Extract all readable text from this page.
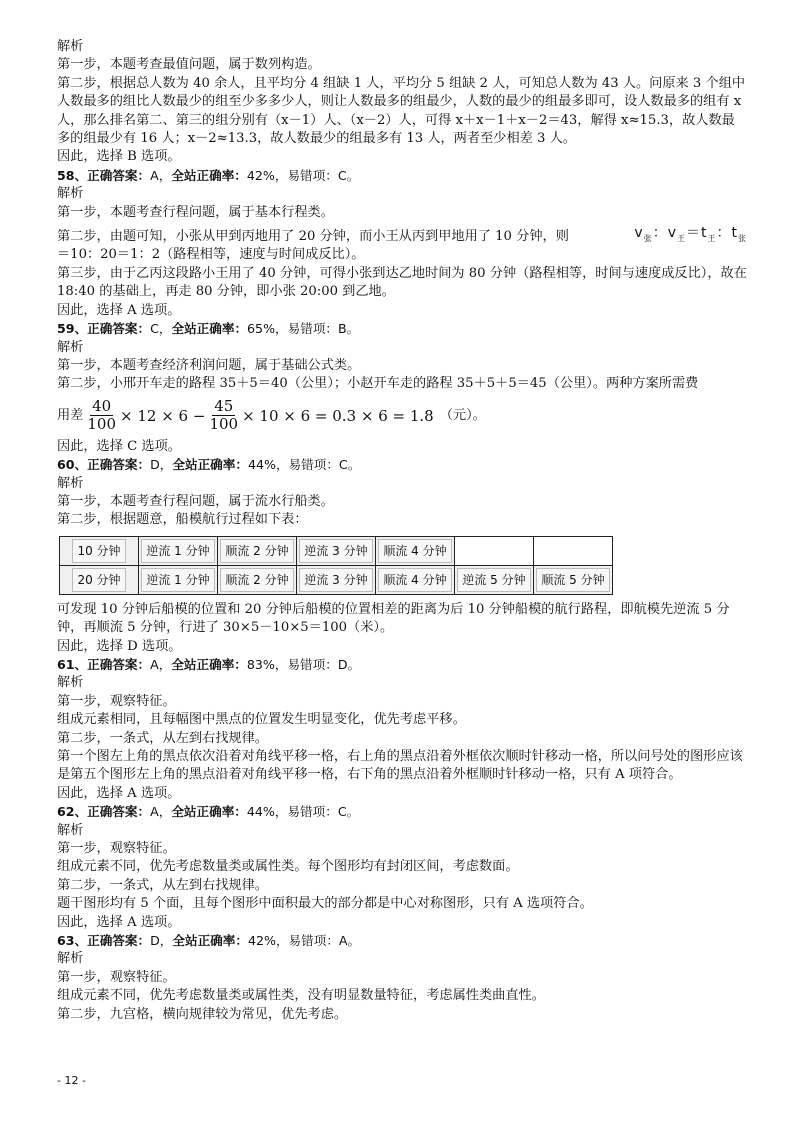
解析

第一步，本题考查最值问题，属于数列构造。

第二步，根据总人数为 40 余人，且平均分 4 组缺 1 人，平均分 5 组缺 2 人，可知总人数为 43 人。问原来 3 个组中人数最多的组比人数最少的组至少多多少人，则让人数最多的组最少，人数的最少的组最多即可，设人数最多的组有 x 人，那么排名第二、第三的组分别有（x－1）人、（x－2）人，可得 x＋x－1＋x－2＝43，解得 x≈15.3，故人数最多的组最少有 16 人；x－2≈13.3，故人数最少的组最多有 13 人，两者至少相差 3 人。

因此，选择 B 选项。

58、正确答案：A，全站正确率：42%，易错项：C。

解析

第一步，本题考查行程问题，属于基本行程类。

第二步，由题可知，小张从甲到丙地用了 20 分钟，而小王从丙到甲地用了 10 分钟，则	$v_张$：$v_王=t_王$：$t_张$

＝10：20＝1：2（路程相等，速度与时间成反比）。

第三步，由于乙丙这段路小王用了 40 分钟，可得小张到达乙地时间为 80 分钟（路程相等，时间与速度成反比），故在 18:40 的基础上，再走 80 分钟，即小张 20:00 到乙地。

因此，选择 A 选项。

59、正确答案：C，全站正确率：65%，易错项：B。

解析

第一步，本题考查经济利润问题，属于基础公式类。

第二步，小邢开车走的路程 35＋5＝40（公里）；小赵开车走的路程 35＋5＋5＝45（公里）。两种方案所需费

用差 $\frac{40}{100} \times 12 \times 6 - \frac{45}{100} \times 10 \times 6 = 0.3 \times 6 = 1.8$ （元）。

因此，选择 C 选项。

60、正确答案：D，全站正确率：44%，易错项：C。

解析

第一步，本题考查行程问题，属于流水行船类。

第二步，根据题意，船模航行过程如下表：

10 分钟	逆流 1 分钟	顺流 2 分钟	逆流 3 分钟	顺流 4 分钟		
20 分钟	逆流 1 分钟	顺流 2 分钟	逆流 3 分钟	顺流 4 分钟	逆流 5 分钟	顺流 5 分钟

可发现 10 分钟后船模的位置和 20 分钟后船模的位置相差的距离为后 10 分钟船模的航行路程，即航模先逆流 5 分钟，再顺流 5 分钟，行进了 30×5－10×5＝100（米）。

因此，选择 D 选项。

61、正确答案：A，全站正确率：83%，易错项：D。

解析

第一步，观察特征。

组成元素相同，且每幅图中黑点的位置发生明显变化，优先考虑平移。

第二步，一条式，从左到右找规律。

第一个图左上角的黑点依次沿着对角线平移一格，右上角的黑点沿着外框依次顺时针移动一格，所以问号处的图形应该是第五个图形左上角的黑点沿着对角线平移一格，右下角的黑点沿着外框顺时针移动一格，只有 A 项符合。

因此，选择 A 选项。

62、正确答案：A，全站正确率：44%，易错项：C。

解析

第一步，观察特征。

组成元素不同，优先考虑数量类或属性类。每个图形均有封闭区间，考虑数面。

第二步，一条式，从左到右找规律。

题干图形均有 5 个面，且每个图形中面积最大的部分都是中心对称图形，只有 A 选项符合。

因此，选择 A 选项。

63、正确答案：D，全站正确率：42%，易错项：A。

解析

第一步，观察特征。

组成元素不同，优先考虑数量类或属性类，没有明显数量特征，考虑属性类曲直性。

第二步，九宫格，横向规律较为常见，优先考虑。

- 12 -
